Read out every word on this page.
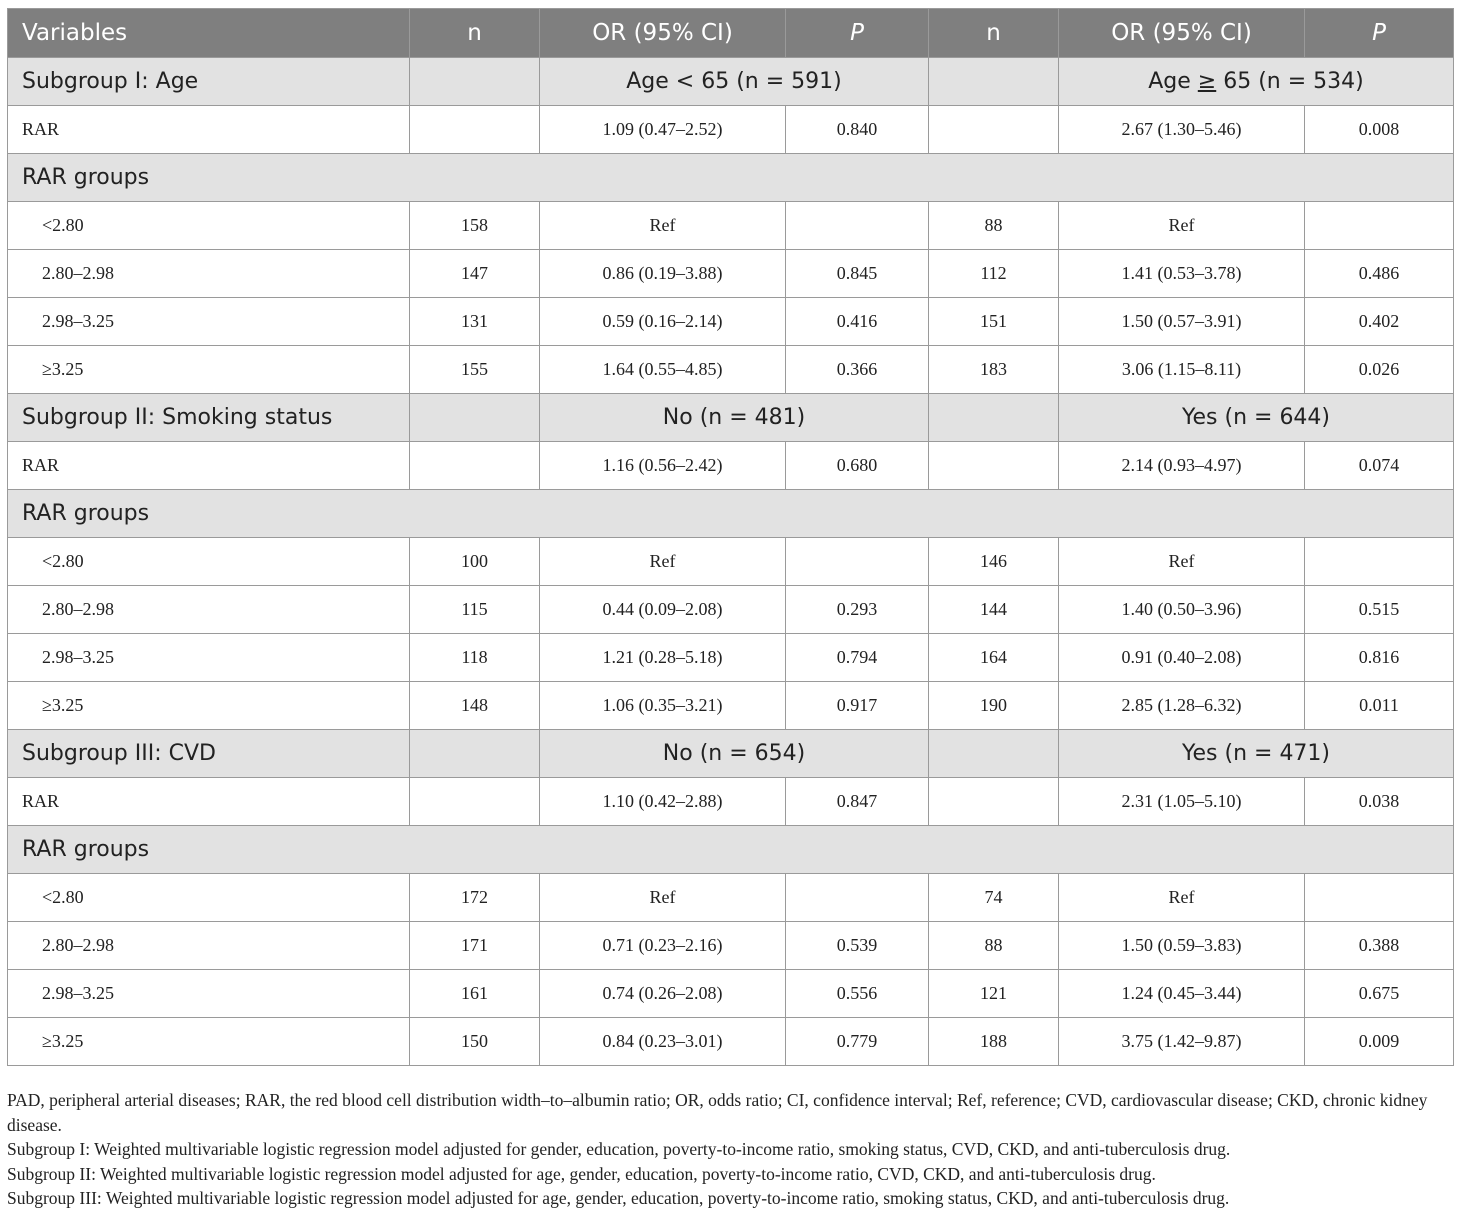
Variables	n	OR (95% CI)	P	n	OR (95% CI)	P
Subgroup I: Age		Age < 65 (n = 591)			Age ≥ 65 (n = 534)	
RAR		1.09 (0.47–2.52)	0.840		2.67 (1.30–5.46)	0.008
RAR groups						
<2.80	158	Ref		88	Ref	
2.80–2.98	147	0.86 (0.19–3.88)	0.845	112	1.41 (0.53–3.78)	0.486
2.98–3.25	131	0.59 (0.16–2.14)	0.416	151	1.50 (0.57–3.91)	0.402
≥3.25	155	1.64 (0.55–4.85)	0.366	183	3.06 (1.15–8.11)	0.026
Subgroup II: Smoking status		No (n = 481)			Yes (n = 644)	
RAR		1.16 (0.56–2.42)	0.680		2.14 (0.93–4.97)	0.074
RAR groups						
<2.80	100	Ref		146	Ref	
2.80–2.98	115	0.44 (0.09–2.08)	0.293	144	1.40 (0.50–3.96)	0.515
2.98–3.25	118	1.21 (0.28–5.18)	0.794	164	0.91 (0.40–2.08)	0.816
≥3.25	148	1.06 (0.35–3.21)	0.917	190	2.85 (1.28–6.32)	0.011
Subgroup III: CVD		No (n = 654)			Yes (n = 471)	
RAR		1.10 (0.42–2.88)	0.847		2.31 (1.05–5.10)	0.038
RAR groups						
<2.80	172	Ref		74	Ref	
2.80–2.98	171	0.71 (0.23–2.16)	0.539	88	1.50 (0.59–3.83)	0.388
2.98–3.25	161	0.74 (0.26–2.08)	0.556	121	1.24 (0.45–3.44)	0.675
≥3.25	150	0.84 (0.23–3.01)	0.779	188	3.75 (1.42–9.87)	0.009

PAD, peripheral arterial diseases; RAR, the red blood cell distribution width–to–albumin ratio; OR, odds ratio; CI, confidence interval; Ref, reference; CVD, cardiovascular disease; CKD, chronic kidney disease.

Subgroup I: Weighted multivariable logistic regression model adjusted for gender, education, poverty-to-income ratio, smoking status, CVD, CKD, and anti-tuberculosis drug.

Subgroup II: Weighted multivariable logistic regression model adjusted for age, gender, education, poverty-to-income ratio, CVD, CKD, and anti-tuberculosis drug.

Subgroup III: Weighted multivariable logistic regression model adjusted for age, gender, education, poverty-to-income ratio, smoking status, CKD, and anti-tuberculosis drug.
